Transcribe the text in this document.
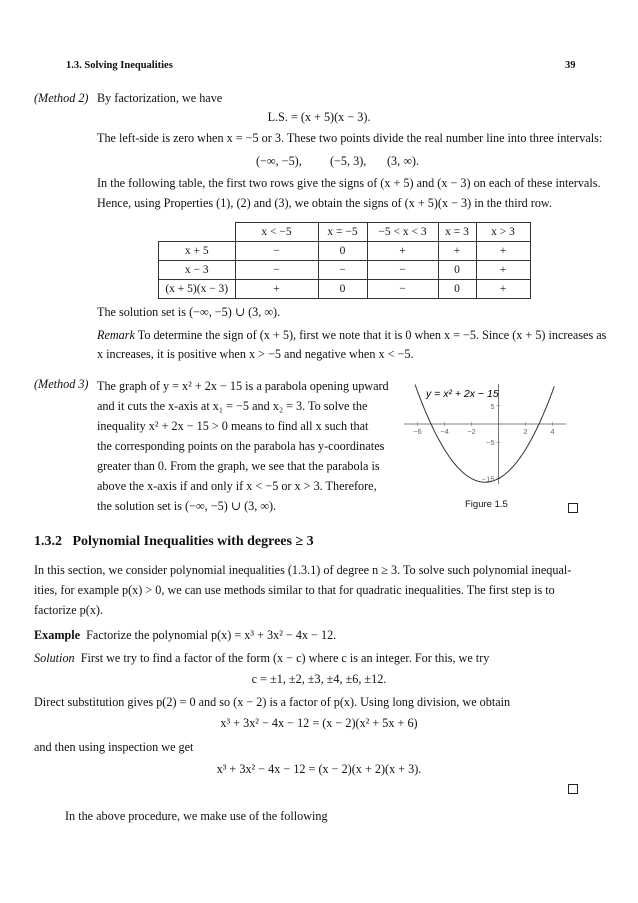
1.3. Solving Inequalities	39
(Method 2) By factorization, we have
L.S. = (x + 5)(x − 3).
The left-side is zero when x = −5 or 3. These two points divide the real number line into three intervals:
(−∞, −5), (−5, 3), (3, ∞).
In the following table, the first two rows give the signs of (x + 5) and (x − 3) on each of these intervals.
Hence, using Properties (1), (2) and (3), we obtain the signs of (x + 5)(x − 3) in the third row.
	x < −5	x = −5	−5 < x < 3	x = 3	x > 3
x + 5	−	0	+	+	+
x − 3	−	−	−	0	+
(x + 5)(x − 3)	+	0	−	0	+
The solution set is (−∞, −5) ∪ (3, ∞).
Remark To determine the sign of (x + 5), first we note that it is 0 when x = −5. Since (x + 5) increases as
x increases, it is positive when x > −5 and negative when x < −5.
(Method 3) The graph of y = x² + 2x − 15 is a parabola opening upward
and it cuts the x-axis at x₁ = −5 and x₂ = 3. To solve the
inequality x² + 2x − 15 > 0 means to find all x such that
the corresponding points on the parabola has y-coordinates
greater than 0. From the graph, we see that the parabola is
above the x-axis if and only if x < −5 or x > 3. Therefore,
the solution set is (−∞, −5) ∪ (3, ∞).
−6 −4 −2	2	4
5
−5
−15
y = x² + 2x − 15
Figure 1.5
1.3.2 Polynomial Inequalities with degrees ≥ 3
In this section, we consider polynomial inequalities (1.3.1) of degree n ≥ 3. To solve such polynomial inequal-
ities, for example p(x) > 0, we can use methods similar to that for quadratic inequalities. The first step is to
factorize p(x).
Example Factorize the polynomial p(x) = x³ + 3x² − 4x − 12.
Solution First we try to find a factor of the form (x − c) where c is an integer. For this, we try
c = ±1, ±2, ±3, ±4, ±6, ±12.
Direct substitution gives p(2) = 0 and so (x − 2) is a factor of p(x). Using long division, we obtain
x³ + 3x² − 4x − 12 = (x − 2)(x² + 5x + 6)
and then using inspection we get
x³ + 3x² − 4x − 12 = (x − 2)(x + 2)(x + 3).
In the above procedure, we make use of the following
